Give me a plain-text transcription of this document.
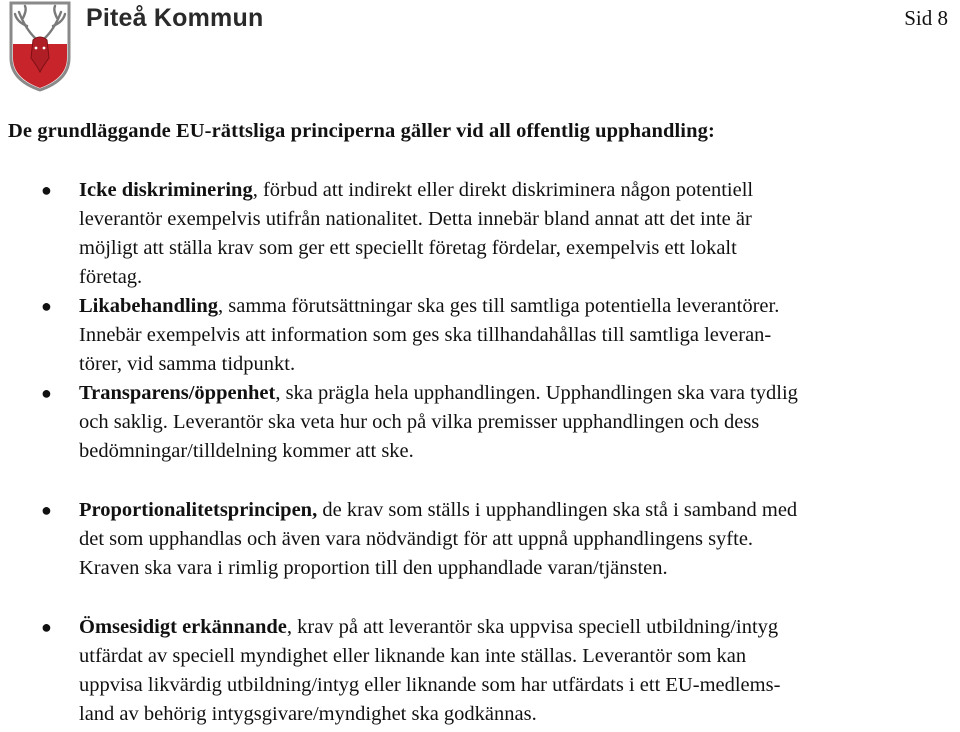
Piteå Kommun	Sid 8
De grundläggande EU-rättsliga principerna gäller vid all offentlig upphandling:
● Icke diskriminering, förbud att indirekt eller direkt diskriminera någon potentiell
leverantör exempelvis utifrån nationalitet. Detta innebär bland annat att det inte är
möjligt att ställa krav som ger ett speciellt företag fördelar, exempelvis ett lokalt
företag.
● Likabehandling, samma förutsättningar ska ges till samtliga potentiella leverantörer.
Innebär exempelvis att information som ges ska tillhandahållas till samtliga leveran-
törer, vid samma tidpunkt.
● Transparens/öppenhet, ska prägla hela upphandlingen. Upphandlingen ska vara tydlig
och saklig. Leverantör ska veta hur och på vilka premisser upphandlingen och dess
bedömningar/tilldelning kommer att ske.
● Proportionalitetsprincipen, de krav som ställs i upphandlingen ska stå i samband med
det som upphandlas och även vara nödvändigt för att uppnå upphandlingens syfte.
Kraven ska vara i rimlig proportion till den upphandlade varan/tjänsten.
● Ömsesidigt erkännande, krav på att leverantör ska uppvisa speciell utbildning/intyg
utfärdat av speciell myndighet eller liknande kan inte ställas. Leverantör som kan
uppvisa likvärdig utbildning/intyg eller liknande som har utfärdats i ett EU-medlems-
land av behörig intygsgivare/myndighet ska godkännas.
